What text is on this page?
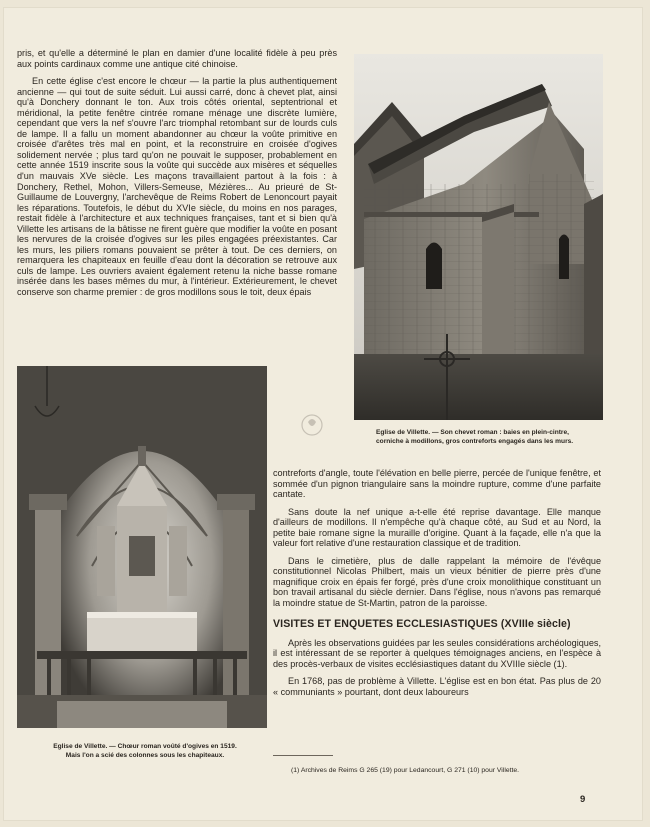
pris, et qu'elle a déterminé le plan en damier d'une localité fidèle à peu près aux points cardinaux comme une antique cité chinoise.

En cette église c'est encore le chœur — la partie la plus authentiquement ancienne — qui tout de suite séduit. Lui aussi carré, donc à chevet plat, ainsi qu'à Donchery donnant le ton. Aux trois côtés oriental, septentrional et méridional, la petite fenêtre cintrée romane ménage une discrète lumière, cependant que vers la nef s'ouvre l'arc triomphal retombant sur de lourds culs de lampe. Il a fallu un moment abandonner au chœur la voûte primitive en croisée d'arêtes très mal en point, et la reconstruire en croisée d'ogives solidement nervée ; plus tard qu'on ne pouvait le supposer, probablement en cette année 1519 inscrite sous la voûte qui succède aux misères et séquelles d'un mauvais XVe siècle. Les maçons travaillaient partout à la fois : à Donchery, Rethel, Mohon, Villers-Semeuse, Mézières... Au prieuré de St-Guillaume de Louvergny, l'archevêque de Reims Robert de Lenoncourt payait les réparations. Toutefois, le début du XVIe siècle, du moins en nos parages, restait fidèle à l'architecture et aux techniques françaises, tant et si bien qu'à Villette les artisans de la bâtisse ne firent guère que modifier la voûte en posant les nervures de la croisée d'ogives sur les piles engagées préexistantes. Car les murs, les piliers romans pouvaient se prêter à tout. De ces derniers, on remarquera les chapiteaux en feuille d'eau dont la décoration se retrouve aux culs de lampe. Les ouvriers avaient également retenu la niche basse romane insérée dans les bases mêmes du mur, à l'intérieur. Extérieurement, le chevet conserve son charme premier : de gros modillons sous le toit, deux épais

Eglise de Villette. — Son chevet roman : baies en plein-cintre,
corniche à modillons, gros contreforts engagés dans les murs.

contreforts d'angle, toute l'élévation en belle pierre, percée de l'unique fenêtre, et sommée d'un pignon triangulaire sans la moindre rupture, comme d'une parfaite cantate.

Sans doute la nef unique a-t-elle été reprise davantage. Elle manque d'ailleurs de modillons. Il n'empêche qu'à chaque côté, au Sud et au Nord, la petite baie romane signe la muraille d'origine. Quant à la façade, elle n'a que la valeur fort relative d'une restauration classique et de tradition.

Dans le cimetière, plus de dalle rappelant la mémoire de l'évêque constitutionnel Nicolas Philbert, mais un vieux bénitier de pierre près d'une magnifique croix en épais fer forgé, près d'une croix monolithique constituant un bon travail artisanal du siècle dernier. Dans l'église, nous n'avons pas remarqué la moindre statue de St-Martin, patron de la paroisse.

VISITES ET ENQUETES ECCLESIASTIQUES (XVIIIe siècle)

Après les observations guidées par les seules considérations archéologiques, il est intéressant de se reporter à quelques témoignages anciens, en l'espèce à des procès-verbaux de visites ecclésiastiques datant du XVIIIe siècle (1).

En 1768, pas de problème à Villette. L'église est en bon état. Pas plus de 20 « communiants » pourtant, dont deux laboureurs

Eglise de Villette. — Chœur roman voûté d'ogives en 1519.
Mais l'on a scié des colonnes sous les chapiteaux.

(1) Archives de Reims G 265 (19) pour Ledancourt, G 271 (10) pour Villette.

9
